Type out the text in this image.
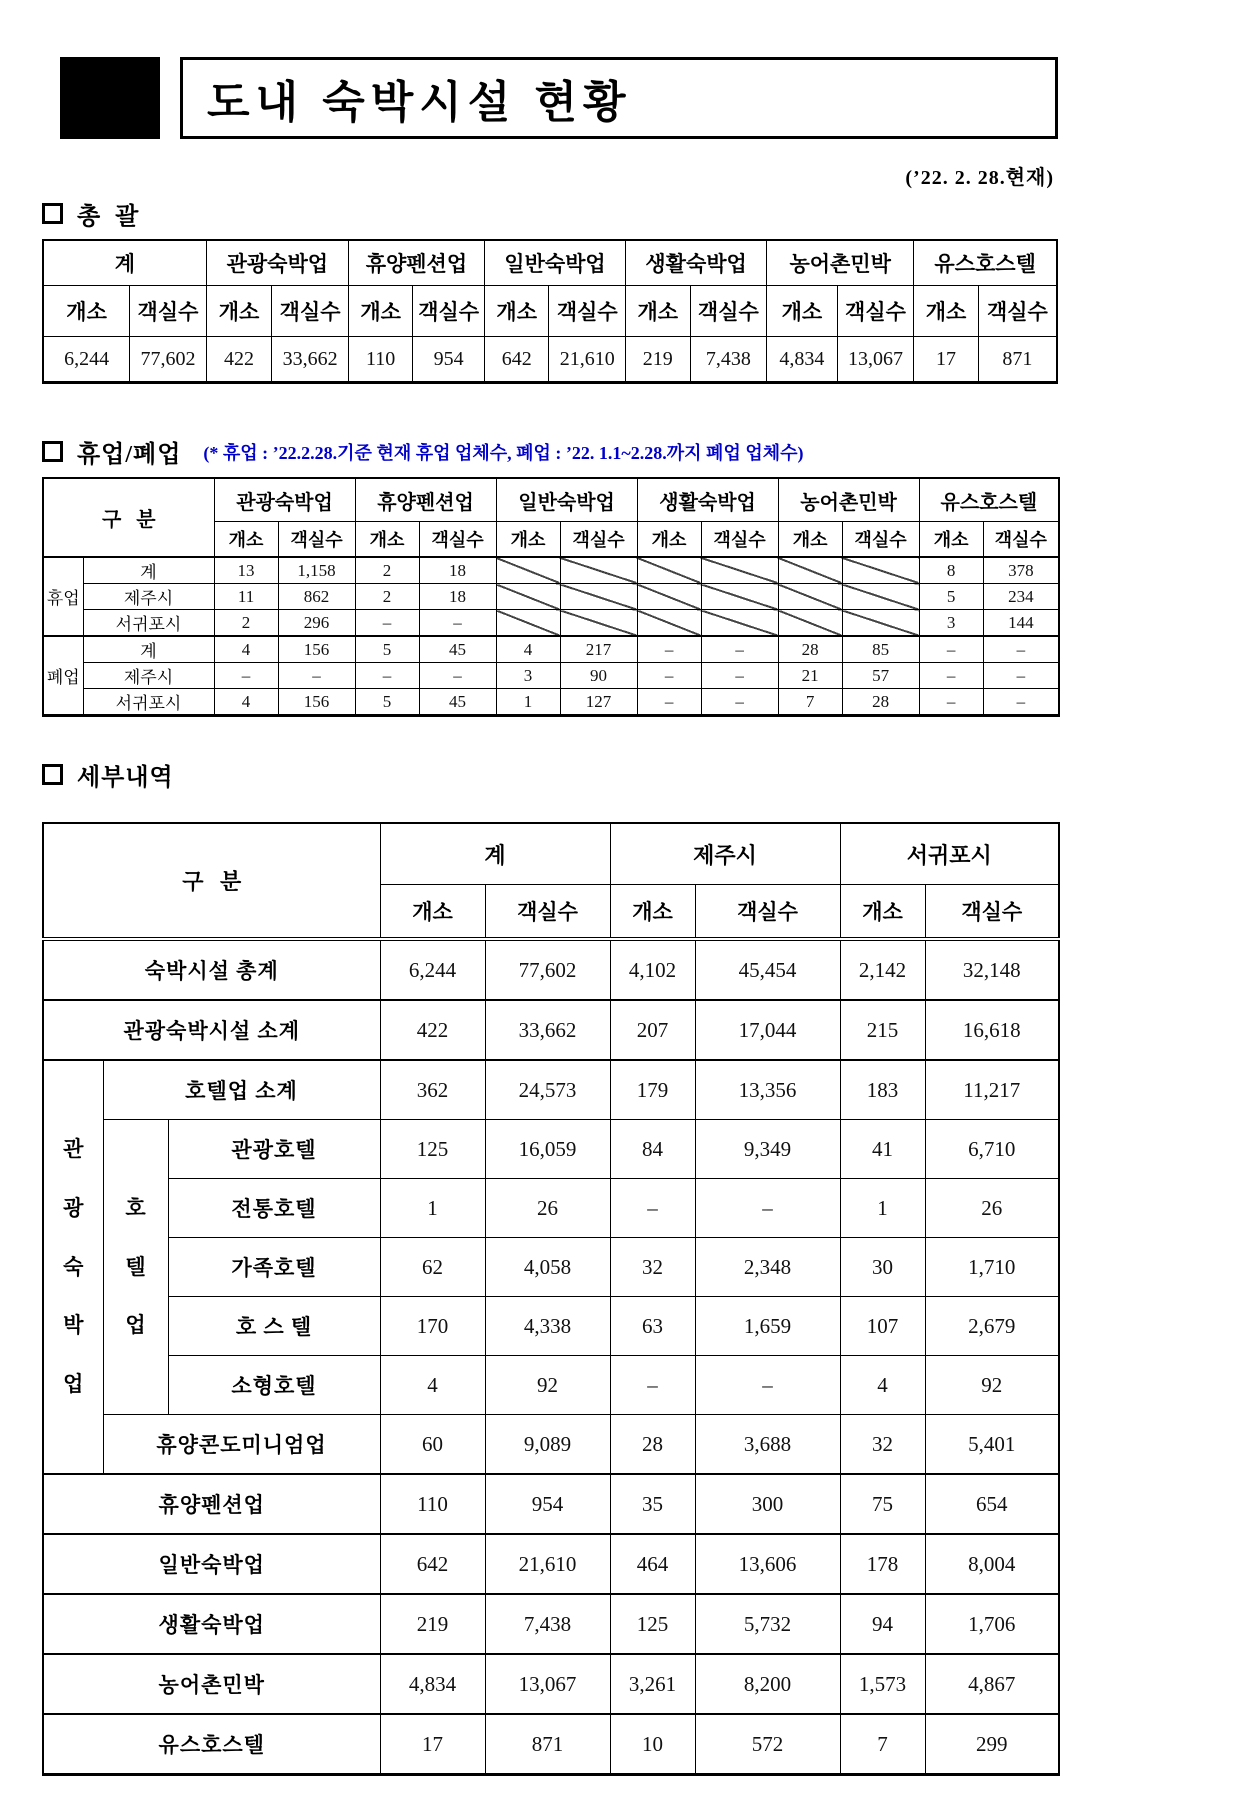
도내 숙박시설 현황
(’22. 2. 28.현재)
총  괄
계		관광숙박업		휴양펜션업		일반숙박업		생활숙박업		농어촌민박		유스호스텔	
개소	객실수	개소	객실수	개소	객실수	개소	객실수	개소	객실수	개소	객실수	개소	객실수
6,244	77,602	422	33,662	110	954	642	21,610	219	7,438	4,834	13,067	17	871
휴업/폐업 (* 휴업 : ’22.2.28.기준 현재 휴업 업체수, 폐업 : ’22. 1.1~2.28.까지 폐업 업체수)
구   분		관광숙박업		휴양펜션업		일반숙박업		생활숙박업		농어촌민박		유스호스텔	
		개소	객실수	개소	객실수	개소	객실수	개소	객실수	개소	객실수	개소	객실수
휴업	계	13	1,158	2	18							8	378
	제주시	11	862	2	18							5	234
	서귀포시	2	296	–	–							3	144
폐업	계	4	156	5	45	4	217	–	–	28	85	–	–
	제주시	–	–	–	–	3	90	–	–	21	57	–	–
	서귀포시	4	156	5	45	1	127	–	–	7	28	–	–
세부내역
구   분			계		제주시		서귀포시	
			개소	객실수	개소	객실수	개소	객실수
숙박시설 총계			6,244	77,602	4,102	45,454	2,142	32,148
관광숙박시설 소계			422	33,662	207	17,044	215	16,618

관광숙박업	호텔업 소계		362	24,573	179	13,356	183	11,217

	호텔업	관광호텔	125	16,059	84	9,349	41	6,710
		전통호텔	1	26	–	–	1	26
		가족호텔	62	4,058	32	2,348	30	1,710
		호 스 텔	170	4,338	63	1,659	107	2,679
		소형호텔	4	92	–	–	4	92
	휴양콘도미니엄업		60	9,089	28	3,688	32	5,401
휴양펜션업			110	954	35	300	75	654
일반숙박업			642	21,610	464	13,606	178	8,004
생활숙박업			219	7,438	125	5,732	94	1,706
농어촌민박			4,834	13,067	3,261	8,200	1,573	4,867
유스호스텔			17	871	10	572	7	299
